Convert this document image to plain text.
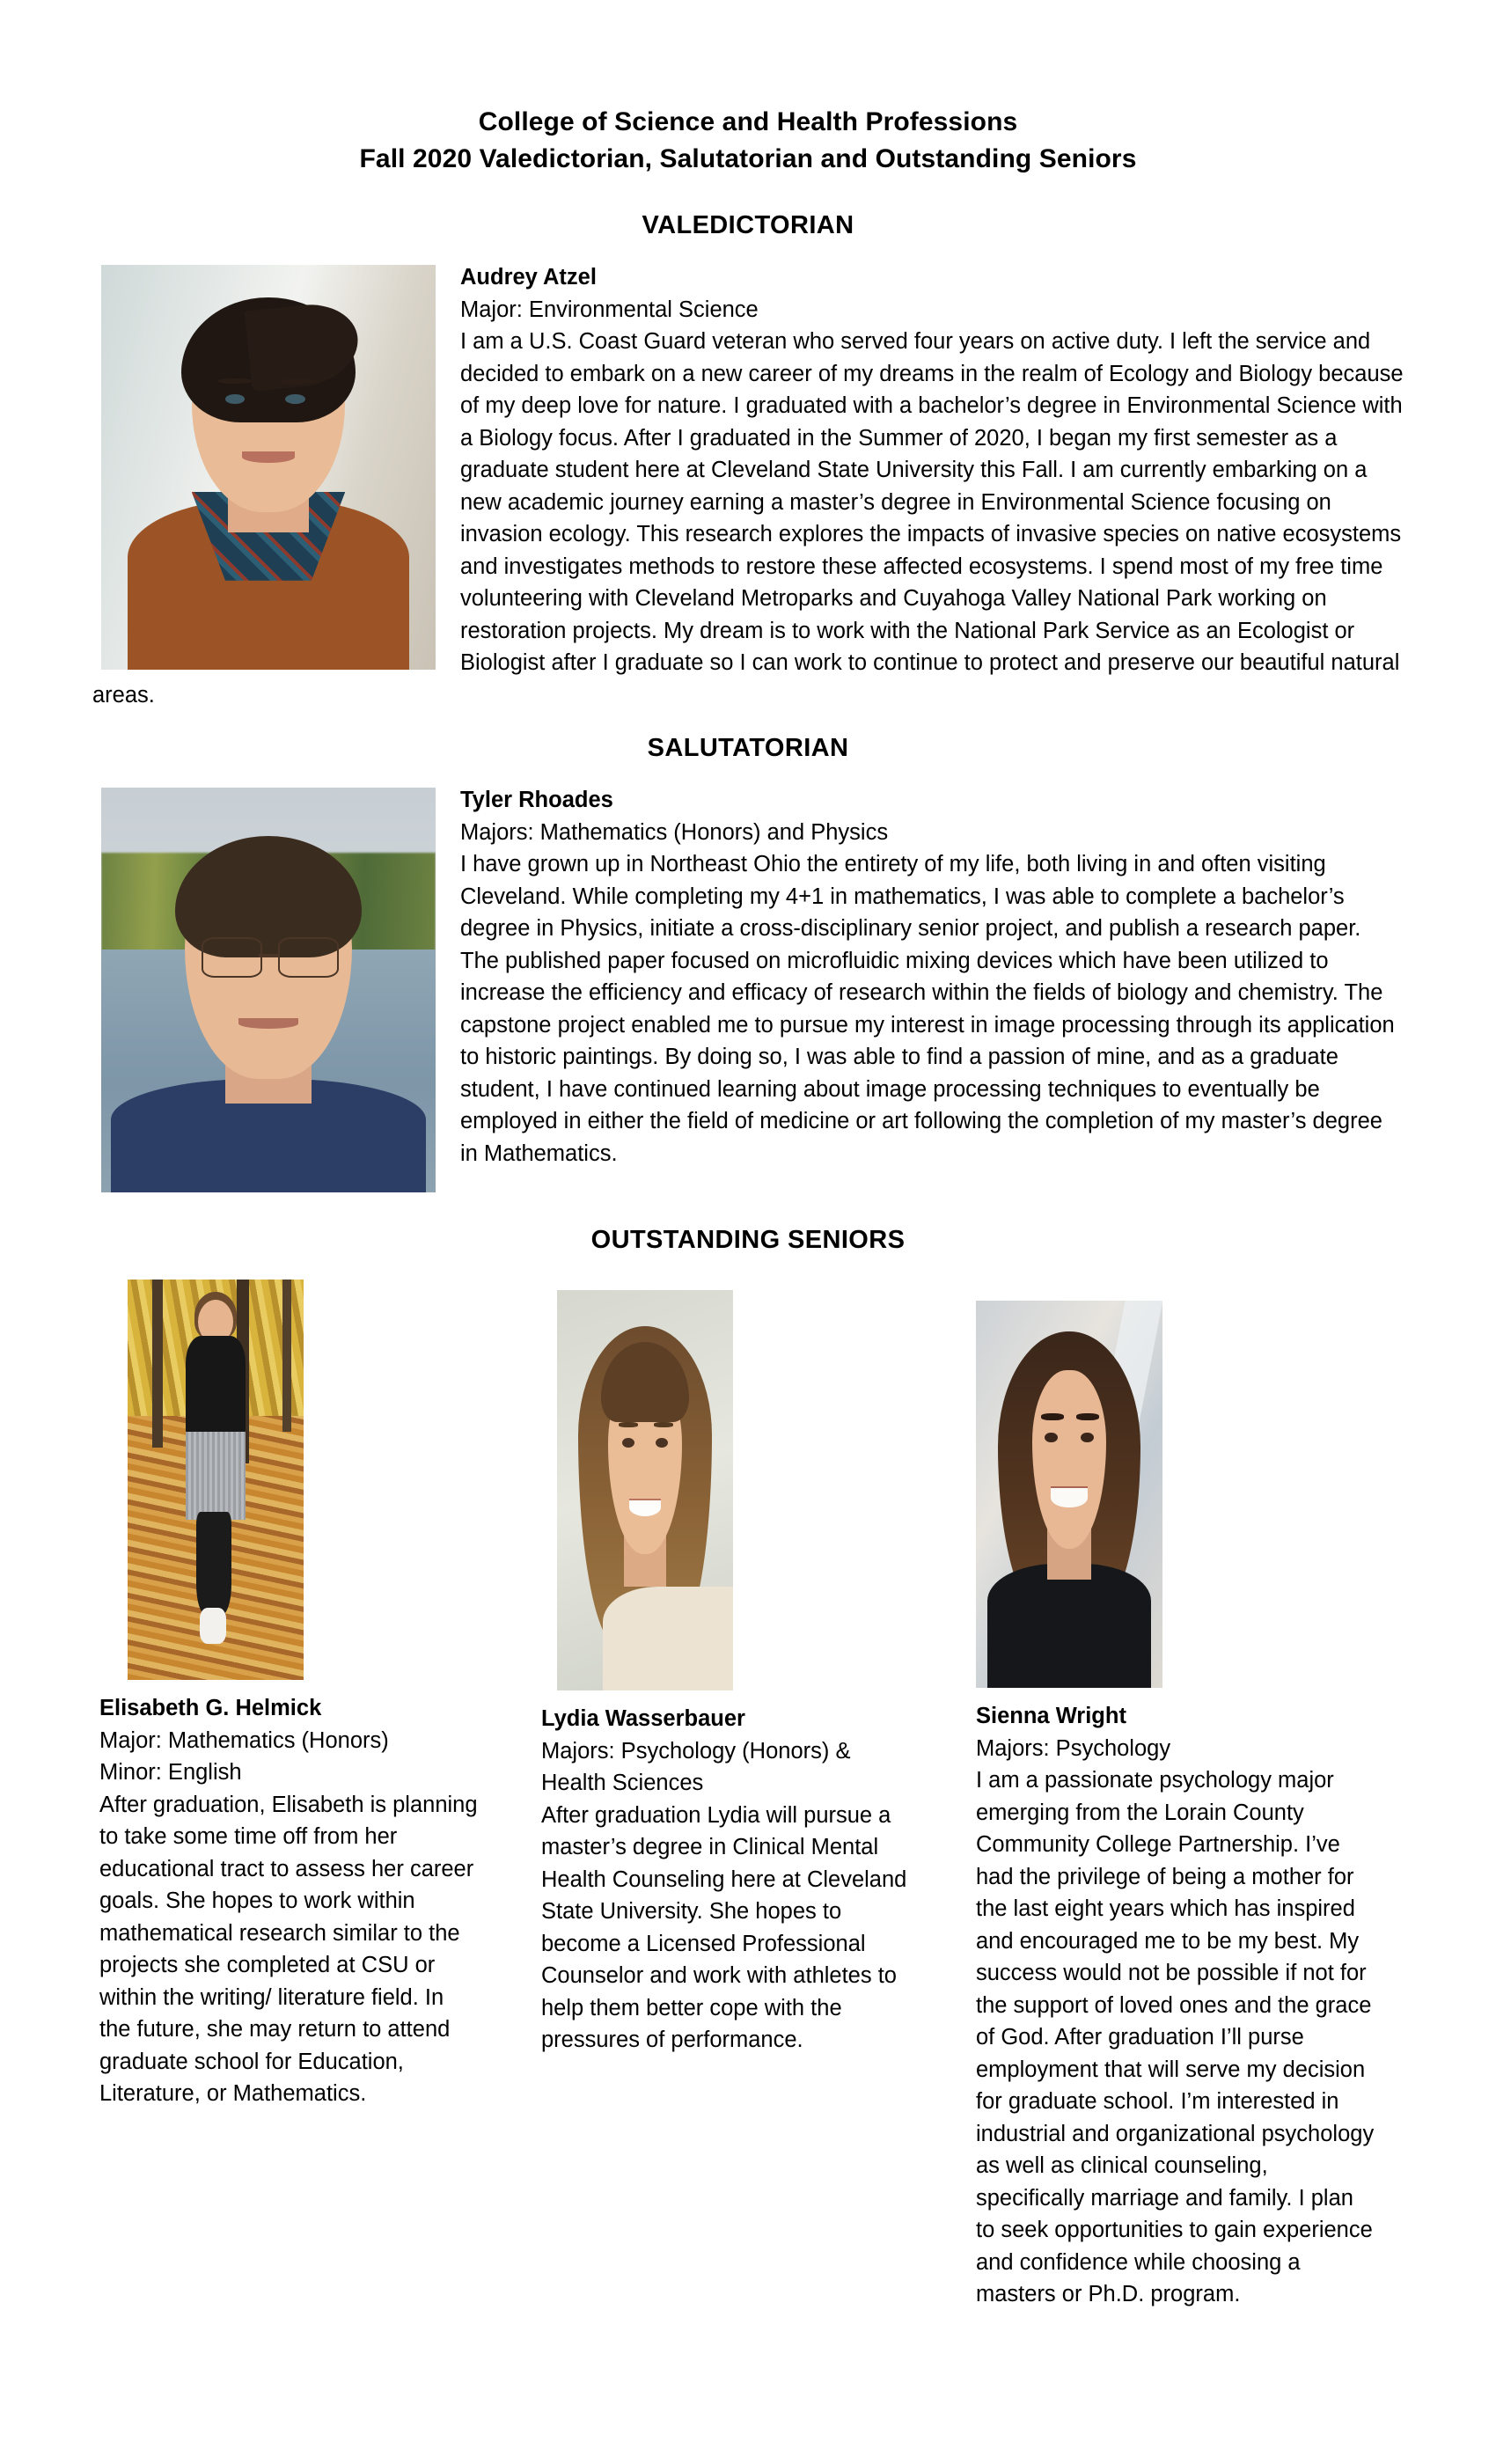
College of Science and Health Professions
Fall 2020 Valedictorian, Salutatorian and Outstanding Seniors
VALEDICTORIAN
Audrey Atzel
Major: Environmental Science
I am a U.S. Coast Guard veteran who served four years on active duty. I left the service and decided to embark on a new career of my dreams in the realm of Ecology and Biology because of my deep love for nature. I graduated with a bachelor’s degree in Environmental Science with a Biology focus. After I graduated in the Summer of 2020, I began my first semester as a graduate student here at Cleveland State University this Fall. I am currently embarking on a new academic journey earning a master’s degree in Environmental Science focusing on invasion ecology. This research explores the impacts of invasive species on native ecosystems and investigates methods to restore these affected ecosystems. I spend most of my free time volunteering with Cleveland Metroparks and Cuyahoga Valley National Park working on restoration projects. My dream is to work with the National Park Service as an Ecologist or Biologist after I graduate so I can work to continue to protect and preserve our beautiful natural areas.
SALUTATORIAN
Tyler Rhoades
Majors: Mathematics (Honors) and Physics
I have grown up in Northeast Ohio the entirety of my life, both living in and often visiting Cleveland. While completing my 4+1 in mathematics, I was able to complete a bachelor’s degree in Physics, initiate a cross-disciplinary senior project, and publish a research paper. The published paper focused on microfluidic mixing devices which have been utilized to increase the efficiency and efficacy of research within the fields of biology and chemistry. The capstone project enabled me to pursue my interest in image processing through its application to historic paintings. By doing so, I was able to find a passion of mine, and as a graduate student, I have continued learning about image processing techniques to eventually be employed in either the field of medicine or art following the completion of my master’s degree in Mathematics.
OUTSTANDING SENIORS
Elisabeth G. Helmick
Major: Mathematics (Honors)
Minor: English
After graduation, Elisabeth is planning to take some time off from her educational tract to assess her career goals. She hopes to work within mathematical research similar to the projects she completed at CSU or within the writing/ literature field. In the future, she may return to attend graduate school for Education, Literature, or Mathematics.
Lydia Wasserbauer
Majors: Psychology (Honors) & Health Sciences
After graduation Lydia will pursue a master’s degree in Clinical Mental Health Counseling here at Cleveland State University. She hopes to become a Licensed Professional Counselor and work with athletes to help them better cope with the pressures of performance.
Sienna Wright
Majors: Psychology
I am a passionate psychology major emerging from the Lorain County Community College Partnership. I’ve had the privilege of being a mother for the last eight years which has inspired and encouraged me to be my best. My success would not be possible if not for the support of loved ones and the grace of God. After graduation I’ll purse employment that will serve my decision for graduate school. I’m interested in industrial and organizational psychology as well as clinical counseling, specifically marriage and family. I plan to seek opportunities to gain experience and confidence while choosing a masters or Ph.D. program.
